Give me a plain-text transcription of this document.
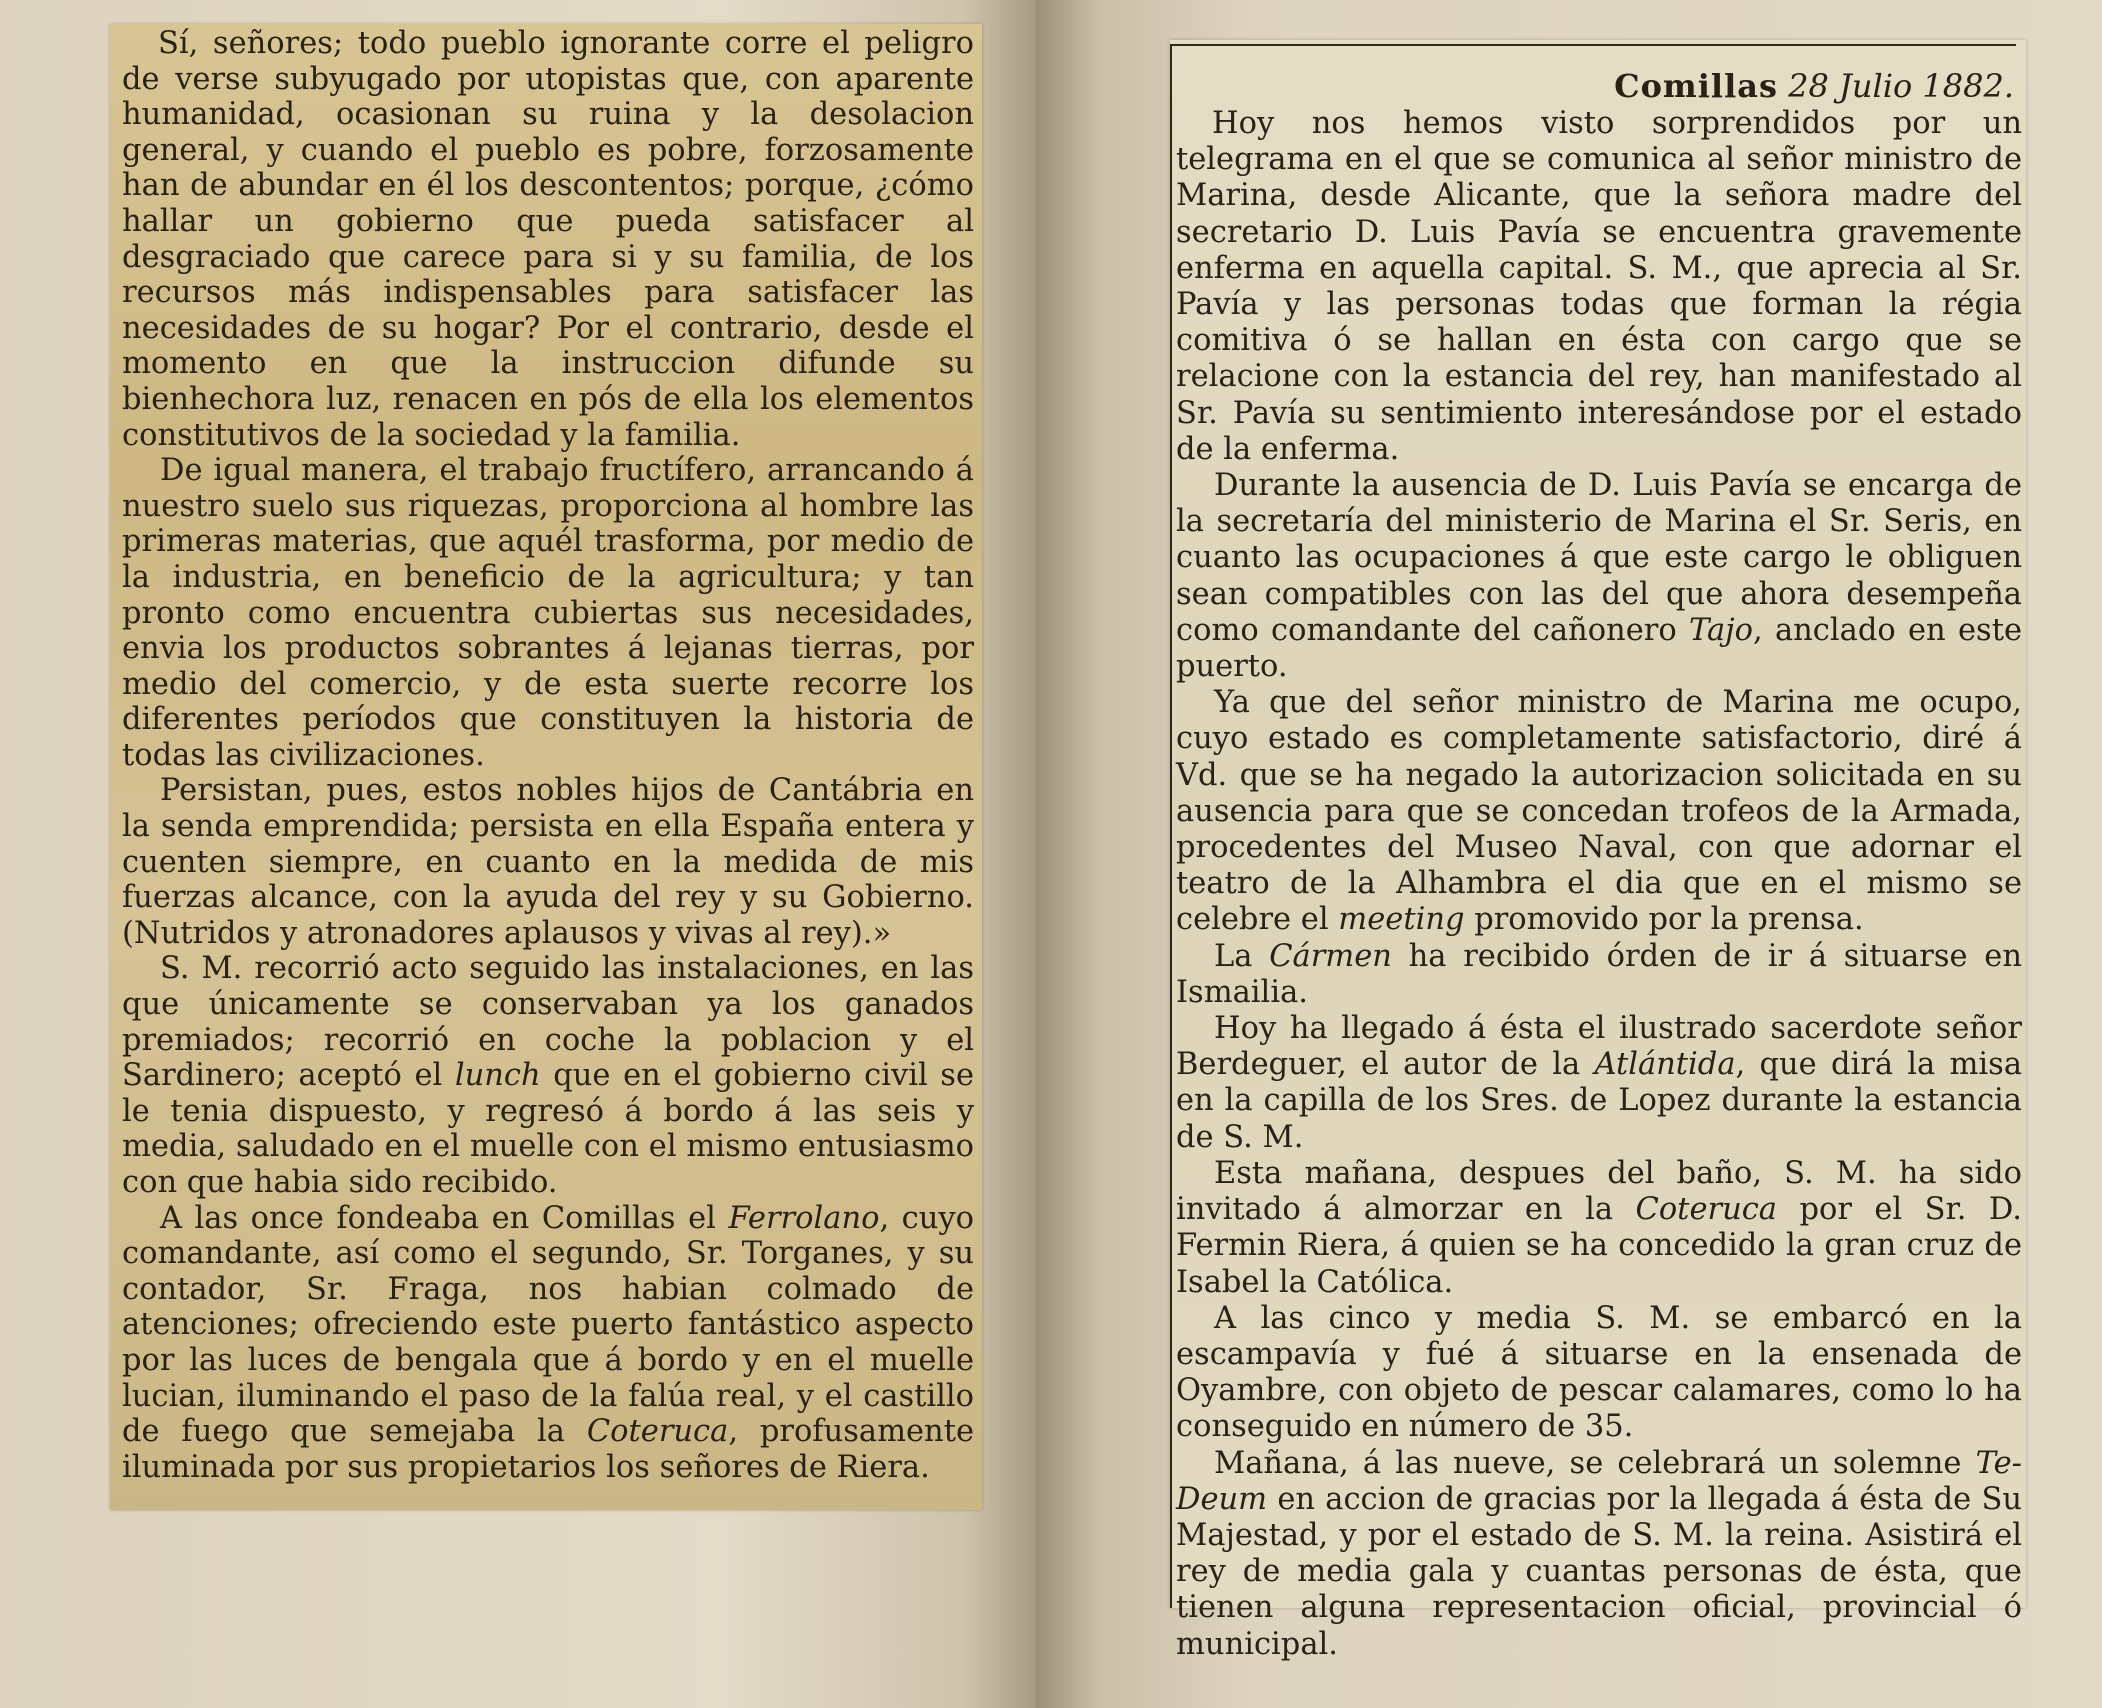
Sí, señores; todo pueblo ignorante corre el peligro de verse subyugado por utopistas que, con aparente humanidad, ocasionan su ruina y la desolacion general, y cuando el pueblo es pobre, forzosamente han de abundar en él los descontentos; porque, ¿cómo hallar un gobierno que pueda satisfacer al desgraciado que carece para si y su familia, de los recursos más indispensables para satisfacer las necesidades de su hogar? Por el contrario, desde el momento en que la instruccion difunde su bienhechora luz, renacen en pós de ella los elementos constitutivos de la sociedad y la familia.

De igual manera, el trabajo fructífero, arrancando á nuestro suelo sus riquezas, proporciona al hombre las primeras materias, que aquél trasforma, por medio de la industria, en beneficio de la agricultura; y tan pronto como encuentra cubiertas sus necesidades, envia los productos sobrantes á lejanas tierras, por medio del comercio, y de esta suerte recorre los diferentes períodos que constituyen la historia de todas las civilizaciones.

Persistan, pues, estos nobles hijos de Cantábria en la senda emprendida; persista en ella España entera y cuenten siempre, en cuanto en la medida de mis fuerzas alcance, con la ayuda del rey y su Gobierno. (Nutridos y atronadores aplausos y vivas al rey).»

S. M. recorrió acto seguido las instalaciones, en las que únicamente se conservaban ya los ganados premiados; recorrió en coche la poblacion y el Sardinero; aceptó el lunch que en el gobierno civil se le tenia dispuesto, y regresó á bordo á las seis y media, saludado en el muelle con el mismo entusiasmo con que habia sido recibido.

A las once fondeaba en Comillas el Ferrolano, cuyo comandante, así como el segundo, Sr. Torganes, y su contador, Sr. Fraga, nos habian colmado de atenciones; ofreciendo este puerto fantástico aspecto por las luces de bengala que á bordo y en el muelle lucian, iluminando el paso de la falúa real, y el castillo de fuego que semejaba la Coteruca, profusamente iluminada por sus propietarios los señores de Riera.

Comillas 28 Julio 1882.

Hoy nos hemos visto sorprendidos por un telegrama en el que se comunica al señor ministro de Marina, desde Alicante, que la señora madre del secretario D. Luis Pavía se encuentra gravemente enferma en aquella capital. S. M., que aprecia al Sr. Pavía y las personas todas que forman la régia comitiva ó se hallan en ésta con cargo que se relacione con la estancia del rey, han manifestado al Sr. Pavía su sentimiento interesándose por el estado de la enferma.

Durante la ausencia de D. Luis Pavía se encarga de la secretaría del ministerio de Marina el Sr. Seris, en cuanto las ocupaciones á que este cargo le obliguen sean compatibles con las del que ahora desempeña como comandante del cañonero Tajo, anclado en este puerto.

Ya que del señor ministro de Marina me ocupo, cuyo estado es completamente satisfactorio, diré á Vd. que se ha negado la autorizacion solicitada en su ausencia para que se concedan trofeos de la Armada, procedentes del Museo Naval, con que adornar el teatro de la Alhambra el dia que en el mismo se celebre el meeting promovido por la prensa.

La Cármen ha recibido órden de ir á situarse en Ismailia.

Hoy ha llegado á ésta el ilustrado sacerdote señor Berdeguer, el autor de la Atlántida, que dirá la misa en la capilla de los Sres. de Lopez durante la estancia de S. M.

Esta mañana, despues del baño, S. M. ha sido invitado á almorzar en la Coteruca por el Sr. D. Fermin Riera, á quien se ha concedido la gran cruz de Isabel la Católica.

A las cinco y media S. M. se embarcó en la escampavía y fué á situarse en la ensenada de Oyambre, con objeto de pescar calamares, como lo ha conseguido en número de 35.

Mañana, á las nueve, se celebrará un solemne Te-Deum en accion de gracias por la llegada á ésta de Su Majestad, y por el estado de S. M. la reina. Asistirá el rey de media gala y cuantas personas de ésta, que tienen alguna representacion oficial, provincial ó municipal.
